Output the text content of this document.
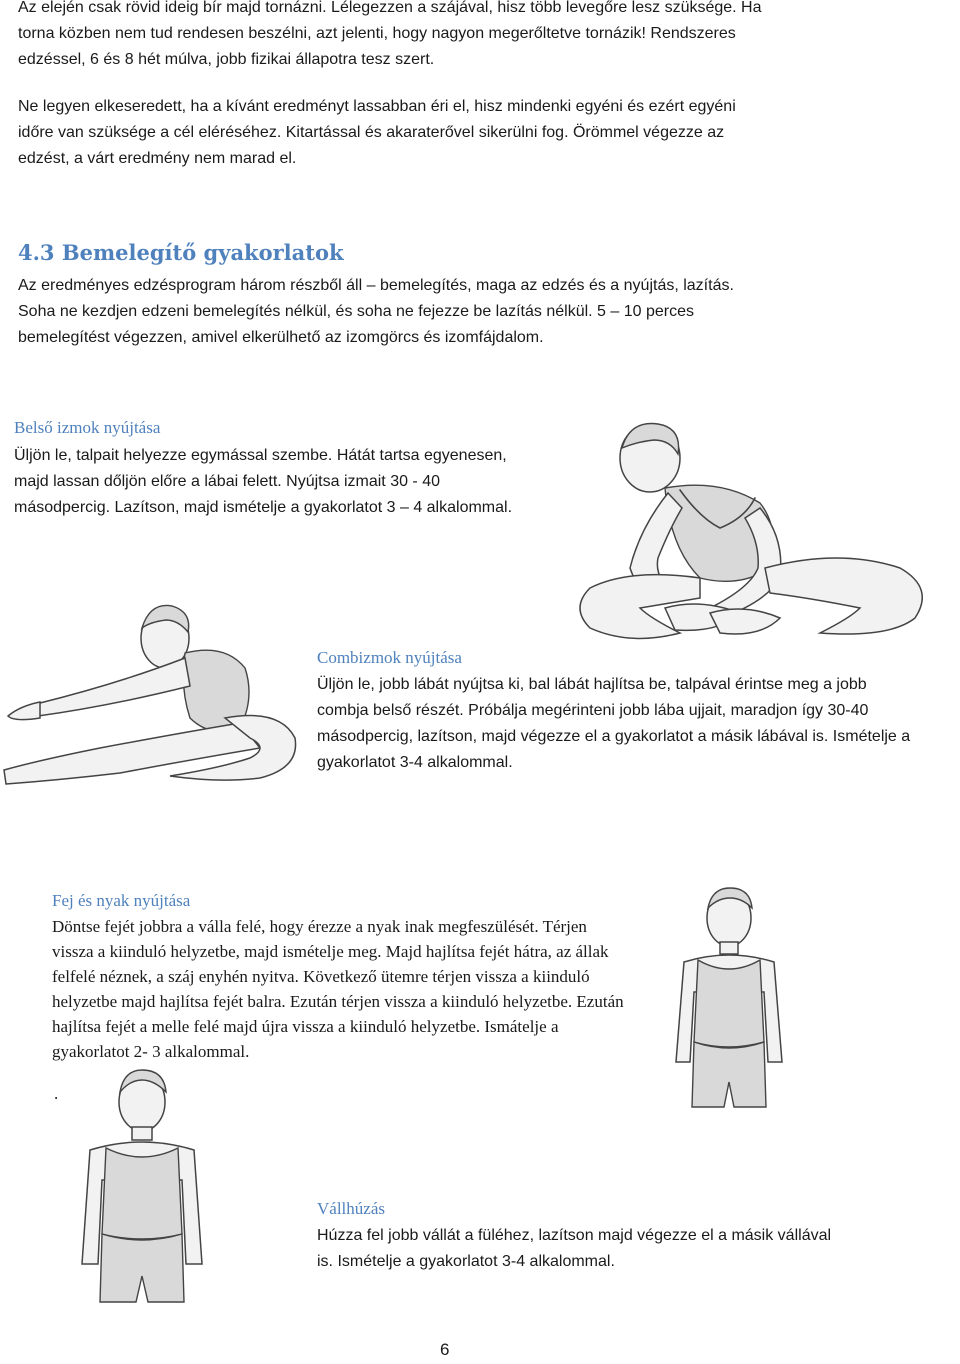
Az elején csak rövid ideig bír majd tornázni. Lélegezzen a szájával, hisz több levegőre lesz szüksége. Ha
torna közben nem tud rendesen beszélni, azt jelenti, hogy nagyon megerőltetve tornázik! Rendszeres
edzéssel, 6 és 8 hét múlva, jobb fizikai állapotra tesz szert.
Ne legyen elkeseredett, ha a kívánt eredményt lassabban éri el, hisz mindenki egyéni és ezért egyéni
időre van szüksége a cél eléréséhez. Kitartással és akaraterővel sikerülni fog. Örömmel végezze az
edzést, a várt eredmény nem marad el.
4.3 Bemelegítő gyakorlatok
Az eredményes edzésprogram három részből áll – bemelegítés, maga az edzés és a nyújtás, lazítás.
Soha ne kezdjen edzeni bemelegítés nélkül, és soha ne fejezze be lazítás nélkül. 5 – 10 perces
bemelegítést végezzen, amivel elkerülhető az izomgörcs és izomfájdalom.
Belső izmok nyújtása
Üljön le, talpait helyezze egymással szembe. Hátát tartsa egyenesen,
majd lassan dőljön előre a lábai felett. Nyújtsa izmait 30 - 40
másodpercig. Lazítson, majd ismételje a gyakorlatot 3 – 4 alkalommal.
Combizmok nyújtása
Üljön le, jobb lábát nyújtsa ki, bal lábát hajlítsa be, talpával érintse meg a jobb
combja belső részét. Próbálja megérinteni jobb lába ujjait, maradjon így 30-40
másodpercig, lazítson, majd végezze el a gyakorlatot a másik lábával is. Ismételje a
gyakorlatot 3-4 alkalommal.
Fej és nyak nyújtása
Döntse fejét jobbra a válla felé, hogy érezze a nyak inak megfeszülését. Térjen
vissza a kiinduló helyzetbe, majd ismételje meg. Majd hajlítsa fejét hátra, az állak
felfelé néznek, a száj enyhén nyitva. Következő ütemre térjen vissza a kiinduló
helyzetbe majd hajlítsa fejét balra. Ezután térjen vissza a kiinduló helyzetbe. Ezután
hajlítsa fejét a melle felé majd újra vissza a kiinduló helyzetbe. Ismátelje a
gyakorlatot 2- 3 alkalommal.
.
Vállhúzás
Húzza fel jobb vállát a füléhez, lazítson majd végezze el a másik vállával
is. Ismételje a gyakorlatot 3-4 alkalommal.
6
